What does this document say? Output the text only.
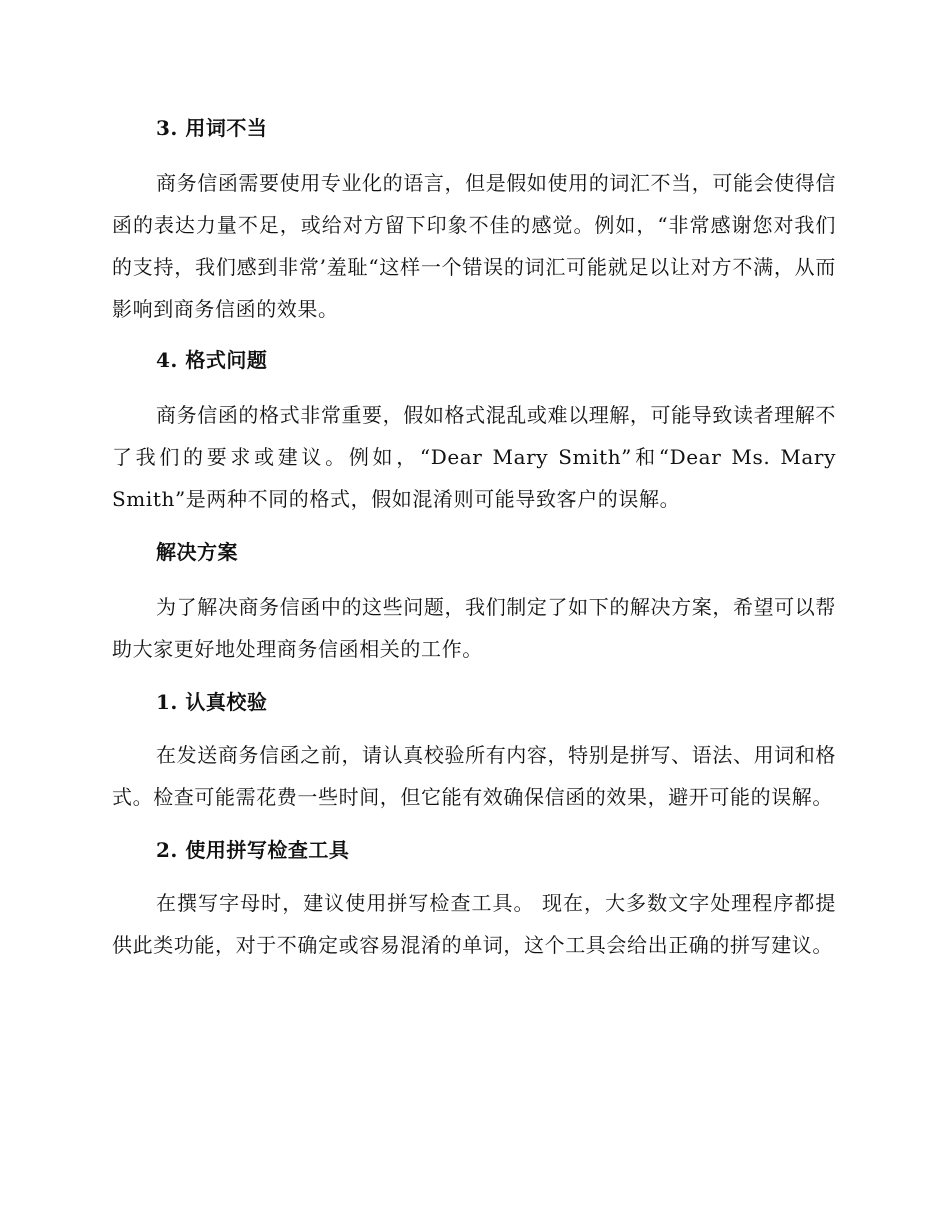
3. 用词不当

商务信函需要使用专业化的语言，但是假如使用的词汇不当，可能会使得信函的表达力量不足，或给对方留下印象不佳的感觉。例如，“非常感谢您对我们的支持，我们感到非常’羞耻“这样一个错误的词汇可能就足以让对方不满，从而影响到商务信函的效果。

4. 格式问题

商务信函的格式非常重要，假如格式混乱或难以理解，可能导致读者理解不了我们的要求或建议。例如，“Dear Mary Smith”和“Dear Ms. Mary Smith”是两种不同的格式，假如混淆则可能导致客户的误解。

解决方案

为了解决商务信函中的这些问题，我们制定了如下的解决方案，希望可以帮助大家更好地处理商务信函相关的工作。

1. 认真校验

在发送商务信函之前，请认真校验所有内容，特别是拼写、语法、用词和格式。检查可能需花费一些时间，但它能有效确保信函的效果，避开可能的误解。

2. 使用拼写检查工具

在撰写字母时，建议使用拼写检查工具。 现在，大多数文字处理程序都提供此类功能，对于不确定或容易混淆的单词，这个工具会给出正确的拼写建议。
